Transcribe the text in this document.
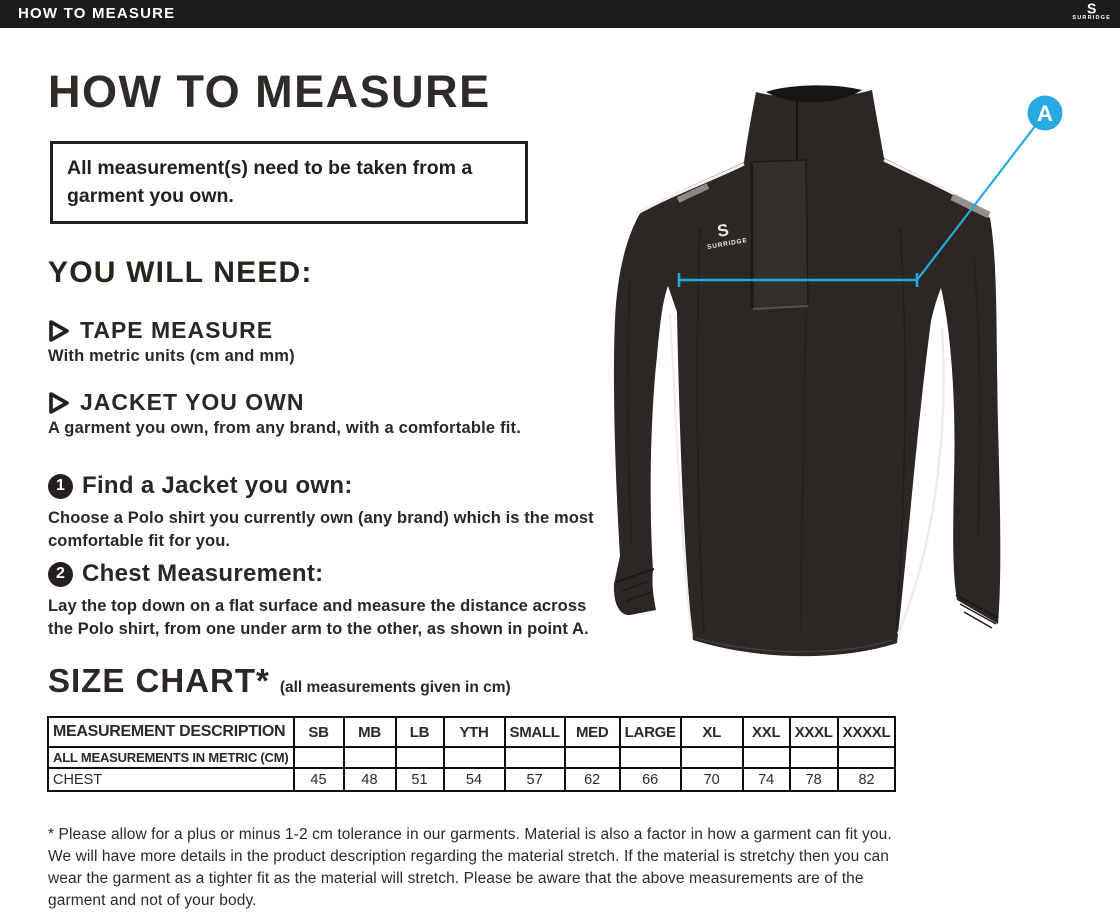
HOW TO MEASURE	S
SURRIDGE
HOW TO MEASURE
All measurement(s) need to be taken from a garment you own.
YOU WILL NEED:
TAPE MEASURE
With metric units (cm and mm)
JACKET YOU OWN
A garment you own, from any brand, with a comfortable fit.
1 Find a Jacket you own:
Choose a Polo shirt you currently own (any brand) which is the most comfortable fit for you.
2 Chest Measurement:
Lay the top down on a flat surface and measure the distance across the Polo shirt, from one under arm to the other, as shown in point A.
SIZE CHART* (all measurements given in cm)
MEASUREMENT DESCRIPTION	SB	MB	LB	YTH	SMALL	MED	LARGE	XL	XXL	XXXL	XXXXL
ALL MEASUREMENTS IN METRIC (CM)											
CHEST	45	48	51	54	57	62	66	70	74	78	82

* Please allow for a plus or minus 1-2 cm tolerance in our garments. Material is also a factor in how a garment can fit you. We will have more details in the product description regarding the material stretch. If the material is stretchy then you can wear the garment as a tighter fit as the material will stretch. Please be aware that the above measurements are of the garment and not of your body.

S
SURRIDGE
A
